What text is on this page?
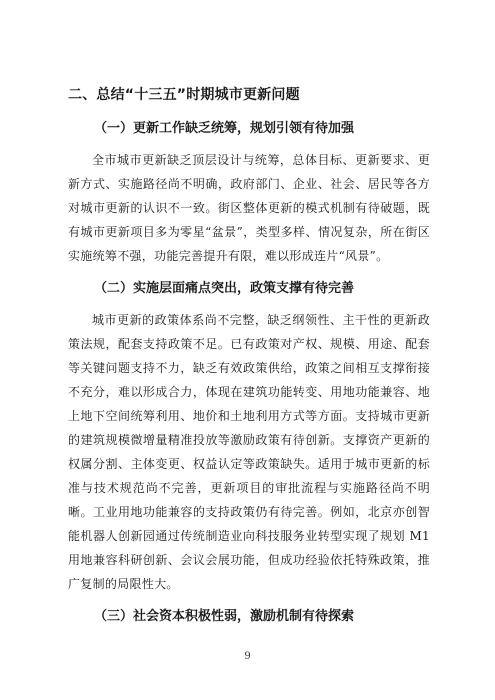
二、总结“十三五”时期城市更新问题
（一）更新工作缺乏统筹，规划引领有待加强

全市城市更新缺乏顶层设计与统筹，总体目标、更新要求、更新方式、实施路径尚不明确，政府部门、企业、社会、居民等各方对城市更新的认识不一致。街区整体更新的模式机制有待破题，既有城市更新项目多为零星“盆景”，类型多样、情况复杂，所在街区实施统筹不强，功能完善提升有限，难以形成连片“风景”。

（二）实施层面痛点突出，政策支撑有待完善

城市更新的政策体系尚不完整，缺乏纲领性、主干性的更新政策法规，配套支持政策不足。已有政策对产权、规模、用途、配套等关键问题支持不力，缺乏有效政策供给，政策之间相互支撑衔接不充分，难以形成合力，体现在建筑功能转变、用地功能兼容、地上地下空间统筹利用、地价和土地利用方式等方面。支持城市更新的建筑规模微增量精准投放等激励政策有待创新。支撑资产更新的权属分割、主体变更、权益认定等政策缺失。适用于城市更新的标准与技术规范尚不完善，更新项目的审批流程与实施路径尚不明晰。工业用地功能兼容的支持政策仍有待完善。例如，北京亦创智能机器人创新园通过传统制造业向科技服务业转型实现了规划 M1 用地兼容科研创新、会议会展功能，但成功经验依托特殊政策，推广复制的局限性大。

（三）社会资本积极性弱，激励机制有待探索
9
